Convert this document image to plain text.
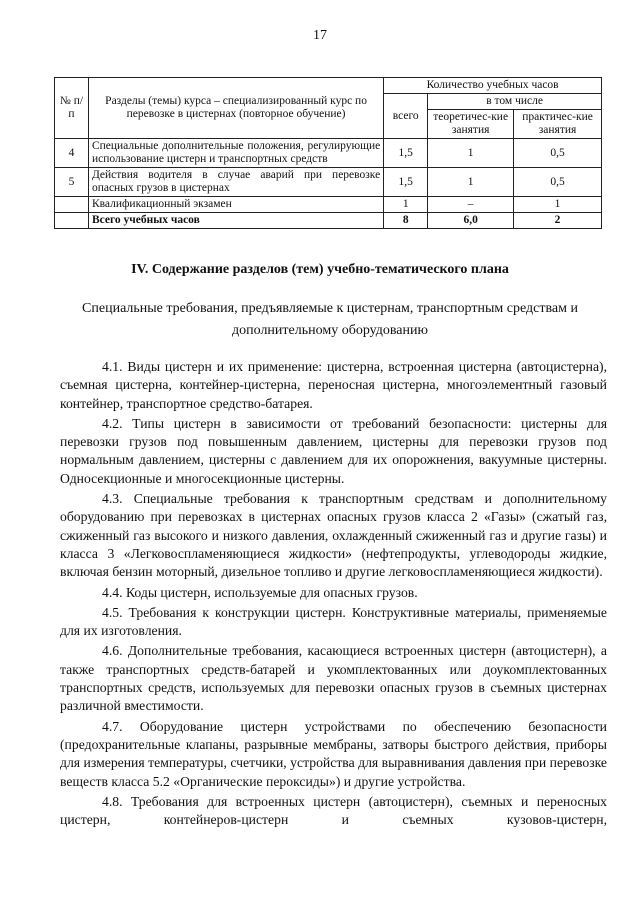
17
№ п/п	Разделы (темы) курса – специализированный курс по перевозке в цистернах (повторное обучение)	Количество учебных часов		
		всего	в том числе	
			теоретичес-кие занятия	практичес-кие занятия
4	Специальные дополнительные положения, регулирующие использование цистерн и транспортных средств	1,5	1	0,5
5	Действия водителя в случае аварий при перевозке опасных грузов в цистернах	1,5	1	0,5
	Квалификационный экзамен	1	–	1
	Всего учебных часов	8	6,0	2
IV. Содержание разделов (тем) учебно-тематического плана
Специальные требования, предъявляемые к цистернам, транспортным средствам и дополнительному оборудованию

4.1. Виды цистерн и их применение: цистерна, встроенная цистерна (автоцистерна), съемная цистерна, контейнер-цистерна, переносная цистерна, многоэлементный газовый контейнер, транспортное средство-батарея.

4.2. Типы цистерн в зависимости от требований безопасности: цистерны для перевозки грузов под повышенным давлением, цистерны для перевозки грузов под нормальным давлением, цистерны с давлением для их опорожнения, вакуумные цистерны. Односекционные и многосекционные цистерны.

4.3. Специальные требования к транспортным средствам и дополнительному оборудованию при перевозках в цистернах опасных грузов класса 2 «Газы» (сжатый газ, сжиженный газ высокого и низкого давления, охлажденный сжиженный газ и другие газы) и класса 3 «Легковоспламеняющиеся жидкости» (нефтепродукты, углеводороды жидкие, включая бензин моторный, дизельное топливо и другие легковоспламеняющиеся жидкости).

4.4. Коды цистерн, используемые для опасных грузов.

4.5. Требования к конструкции цистерн. Конструктивные материалы, применяемые для их изготовления.

4.6. Дополнительные требования, касающиеся встроенных цистерн (автоцистерн), а также транспортных средств-батарей и укомплектованных или доукомплектованных транспортных средств, используемых для перевозки опасных грузов в съемных цистернах различной вместимости.

4.7. Оборудование цистерн устройствами по обеспечению безопасности (предохранительные клапаны, разрывные мембраны, затворы быстрого действия, приборы для измерения температуры, счетчики, устройства для выравнивания давления при перевозке веществ класса 5.2 «Органические пероксиды») и другие устройства.

4.8. Требования для встроенных цистерн (автоцистерн), съемных и переносных цистерн, контейнеров-цистерн и съемных кузовов-цистерн,
